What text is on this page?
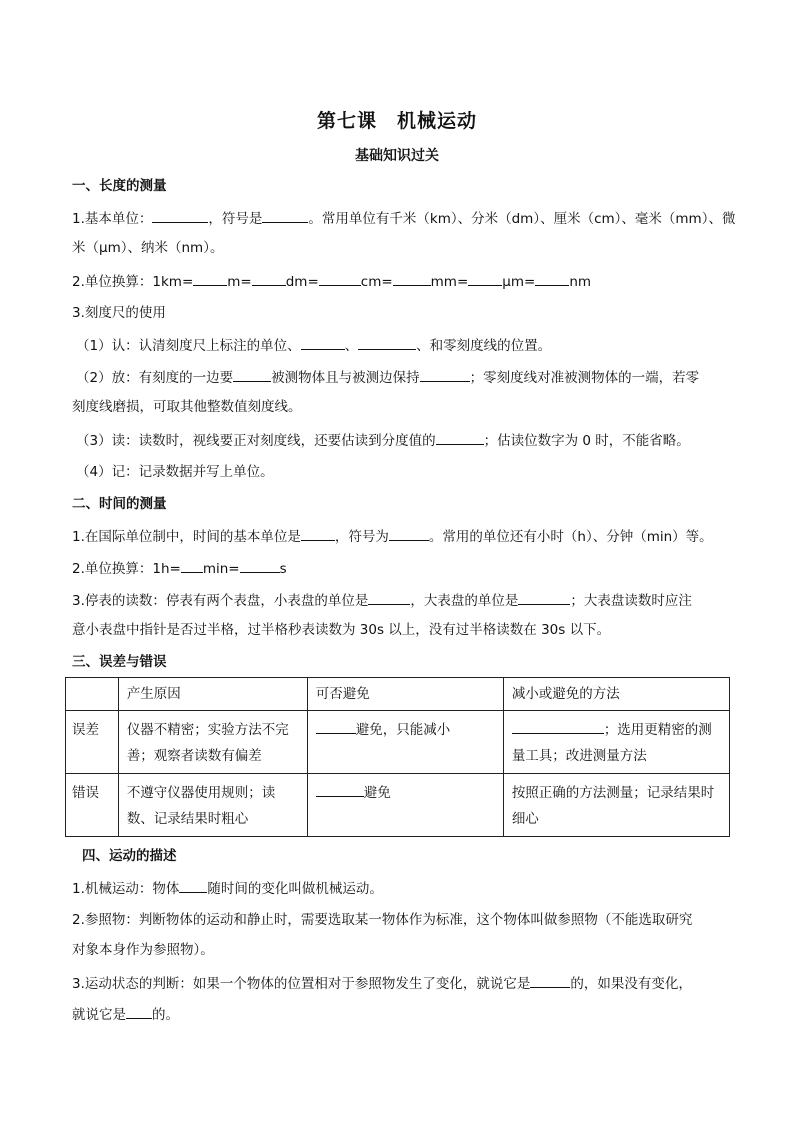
第七课　机械运动
基础知识过关
一、长度的测量
1.基本单位：	，符号是	。常用单位有千米（km）、分米（dm）、厘米（cm）、毫米（mm）、微
米（μm）、纳米（nm）。
2.单位换算：1km=	m=	dm=	cm=	mm=	μm=	nm
3.刻度尺的使用
（1）认：认清刻度尺上标注的单位、	、	、和零刻度线的位置。
（2）放：有刻度的一边要	被测物体且与被测边保持	；零刻度线对准被测物体的一端，若零
刻度线磨损，可取其他整数值刻度线。
（3）读：读数时，视线要正对刻度线，还要估读到分度值的	；估读位数字为 0 时，不能省略。
（4）记：记录数据并写上单位。
二、时间的测量
1.在国际单位制中，时间的基本单位是	，符号为	。常用的单位还有小时（h）、分钟（min）等。
2.单位换算：1h= min=	s
3.停表的读数：停表有两个表盘，小表盘的单位是	，大表盘的单位是	；大表盘读数时应注
意小表盘中指针是否过半格，过半格秒表读数为 30s 以上，没有过半格读数在 30s 以下。
三、误差与错误
	产生原因	可否避免	减小或避免的方法
误差	仪器不精密；实验方法不完善；观察者读数有偏差	避免，只能减小	；选用更精密的测量工具；改进测量方法
错误	不遵守仪器使用规则；读数、记录结果时粗心	避免	按照正确的方法测量；记录结果时细心
四、运动的描述
1.机械运动：物体 随时间的变化叫做机械运动。
2.参照物：判断物体的运动和静止时，需要选取某一物体作为标准，这个物体叫做参照物（不能选取研究
对象本身作为参照物）。
3.运动状态的判断：如果一个物体的位置相对于参照物发生了变化，就说它是	的，如果没有变化，
就说它是 的。
